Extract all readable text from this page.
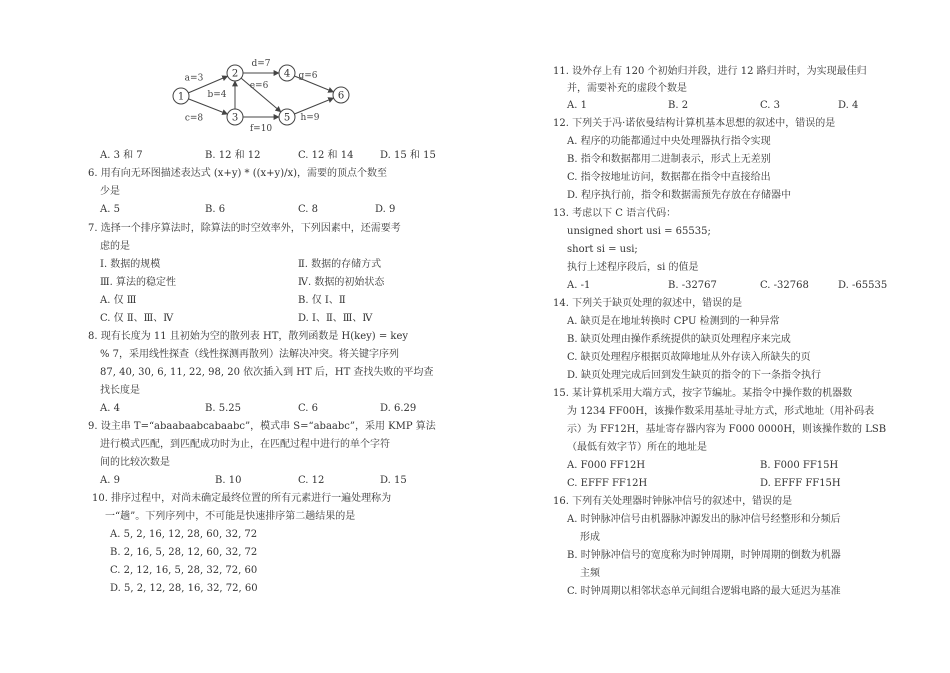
a=3
c=8
b=4
d=7
e=6
f=10
g=6
h=9
1
2
3
4
5
6
A. 3 和 7	B. 12 和 12	C. 12 和 14	D. 15 和 15
6. 用有向无环图描述表达式 (x+y) * ((x+y)/x)，需要的顶点个数至
少是
A. 5	B. 6	C. 8	D. 9
7. 选择一个排序算法时，除算法的时空效率外，下列因素中，还需要考
虑的是
Ⅰ. 数据的规模	Ⅱ. 数据的存储方式
Ⅲ. 算法的稳定性	Ⅳ. 数据的初始状态
A. 仅 Ⅲ	B. 仅 Ⅰ、Ⅱ
C. 仅 Ⅱ、Ⅲ、Ⅳ	D. Ⅰ、Ⅱ、Ⅲ、Ⅳ
8. 现有长度为 11 且初始为空的散列表 HT，散列函数是 H(key) = key
% 7，采用线性探查（线性探测再散列）法解决冲突。将关键字序列
87, 40, 30, 6, 11, 22, 98, 20 依次插入到 HT 后，HT 查找失败的平均查
找长度是
A. 4	B. 5.25	C. 6	D. 6.29
9. 设主串 T=“abaabaabcabaabc”，模式串 S=“abaabc”，采用 KMP 算法
进行模式匹配，到匹配成功时为止，在匹配过程中进行的单个字符
间的比较次数是
A. 9	B. 10	C. 12	D. 15
10. 排序过程中，对尚未确定最终位置的所有元素进行一遍处理称为
一“趟”。下列序列中，不可能是快速排序第二趟结果的是
A. 5, 2, 16, 12, 28, 60, 32, 72
B. 2, 16, 5, 28, 12, 60, 32, 72
C. 2, 12, 16, 5, 28, 32, 72, 60
D. 5, 2, 12, 28, 16, 32, 72, 60
11. 设外存上有 120 个初始归并段，进行 12 路归并时，为实现最佳归
并，需要补充的虚段个数是
A. 1	B. 2	C. 3	D. 4
12. 下列关于冯·诺依曼结构计算机基本思想的叙述中，错误的是
A. 程序的功能都通过中央处理器执行指令实现
B. 指令和数据都用二进制表示，形式上无差别
C. 指令按地址访问，数据都在指令中直接给出
D. 程序执行前，指令和数据需预先存放在存储器中
13. 考虑以下 C 语言代码：
unsigned short usi = 65535;
short si = usi;
执行上述程序段后，si 的值是
A. -1	B. -32767	C. -32768	D. -65535
14. 下列关于缺页处理的叙述中，错误的是
A. 缺页是在地址转换时 CPU 检测到的一种异常
B. 缺页处理由操作系统提供的缺页处理程序来完成
C. 缺页处理程序根据页故障地址从外存读入所缺失的页
D. 缺页处理完成后回到发生缺页的指令的下一条指令执行
15. 某计算机采用大端方式，按字节编址。某指令中操作数的机器数
为 1234 FF00H，该操作数采用基址寻址方式，形式地址（用补码表
示）为 FF12H，基址寄存器内容为 F000 0000H，则该操作数的 LSB
（最低有效字节）所在的地址是
A. F000 FF12H	B. F000 FF15H
C. EFFF FF12H	D. EFFF FF15H
16. 下列有关处理器时钟脉冲信号的叙述中，错误的是
A. 时钟脉冲信号由机器脉冲源发出的脉冲信号经整形和分频后
形成
B. 时钟脉冲信号的宽度称为时钟周期，时钟周期的倒数为机器
主频
C. 时钟周期以相邻状态单元间组合逻辑电路的最大延迟为基准
